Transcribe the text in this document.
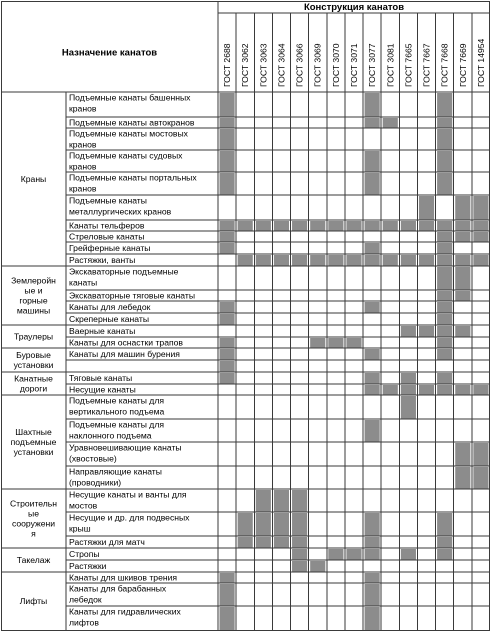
Назначение канатов
Конструкция канатов
ГОСТ 2688 ГОСТ 3062 ГОСТ 3063 ГОСТ 3064 ГОСТ 3066 ГОСТ 3069 ГОСТ 3070 ГОСТ 3071 ГОСТ 3077 ГОСТ 3081 ГОСТ 7665 ГОСТ 7667 ГОСТ 7668 ГОСТ 7669 ГОСТ 14954
Краны
Землеройн
ые и
горные
машины
Траулеры
Буровые
установки
Канатные
дороги
Шахтные
подъемные
установки
Строительн
ые
сооружени
я
Такелаж
Лифты
Подъемные канаты башенных
кранов
Подъемные канаты автокранов
Подъемные канаты мостовых
кранов
Подъемные канаты судовых
кранов
Подъемные канаты портальных
кранов
Подъемные канаты
металлургических кранов
Канаты тельферов
Стреловые канаты
Грейферные канаты
Растяжки, ванты
Экскаваторные подъемные
канаты
Экскаваторные тяговые канаты
Канаты для лебедок
Скреперные канаты
Ваерные канаты
Канаты для оснастки трапов
Канаты для машин бурения
Тяговые канаты
Несущие канаты
Подъемные канаты для
вертикального подъема
Подъемные канаты для
наклонного подъема
Уравновешивающие канаты
(хвостовые)
Направляющие канаты
(проводники)
Несущие канаты и ванты для
мостов
Несущие и др. для подвесных
крыш
Растяжки для матч
Стропы
Растяжки
Канаты для шкивов трения
Канаты для барабанных
лебедок
Канаты для гидравлических
лифтов
